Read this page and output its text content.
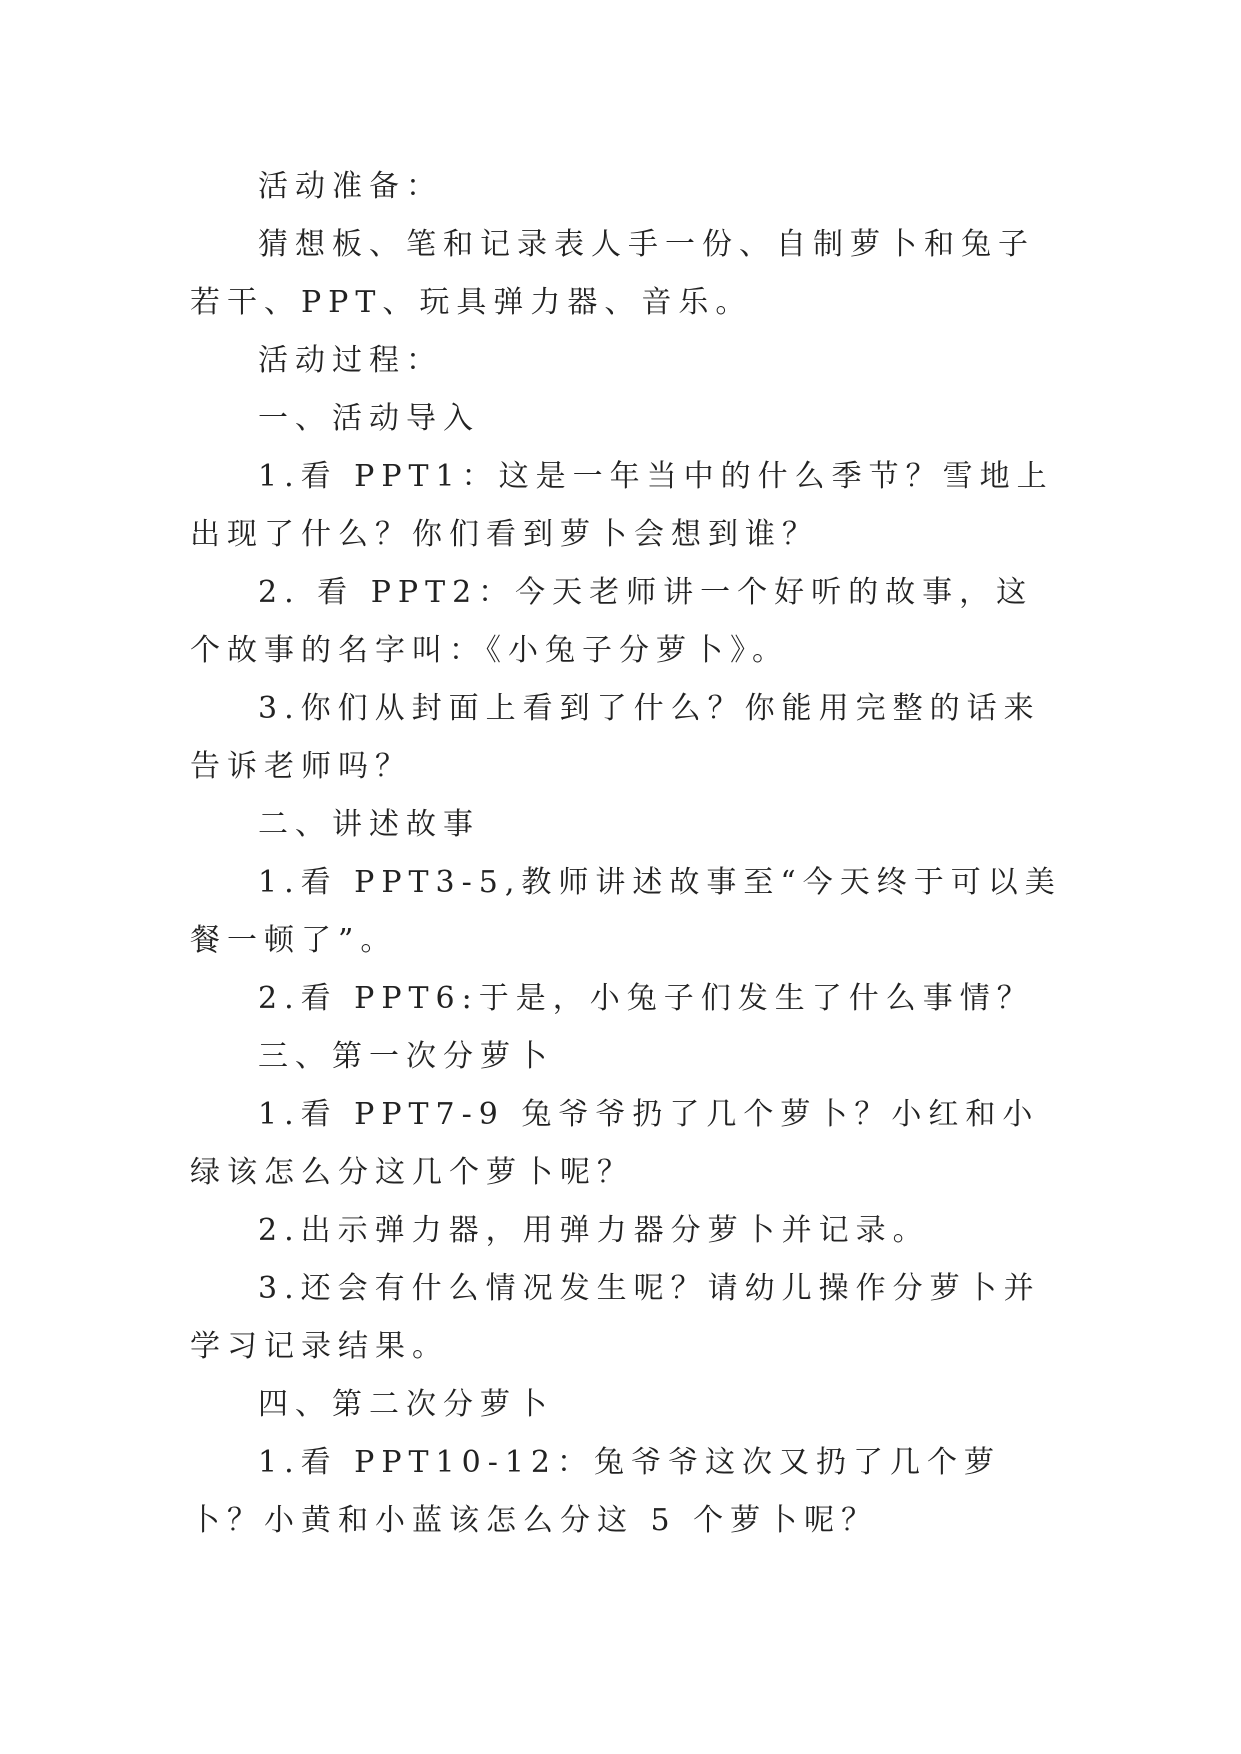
活动准备：

猜想板、笔和记录表人手一份、自制萝卜和兔子若干、PPT、玩具弹力器、音乐。

活动过程：

一、活动导入

1.看 PPT1：这是一年当中的什么季节？雪地上出现了什么？你们看到萝卜会想到谁？

2. 看 PPT2：今天老师讲一个好听的故事，这个故事的名字叫：《小兔子分萝卜》。

3.你们从封面上看到了什么？你能用完整的话来告诉老师吗？

二、讲述故事

1.看 PPT3-5,教师讲述故事至“今天终于可以美餐一顿了”。

2.看 PPT6:于是，小兔子们发生了什么事情？

三、第一次分萝卜

1.看 PPT7-9 兔爷爷扔了几个萝卜？小红和小绿该怎么分这几个萝卜呢？

2.出示弹力器，用弹力器分萝卜并记录。

3.还会有什么情况发生呢？请幼儿操作分萝卜并学习记录结果。

四、第二次分萝卜

1.看 PPT10-12：兔爷爷这次又扔了几个萝卜？小黄和小蓝该怎么分这 5 个萝卜呢？
